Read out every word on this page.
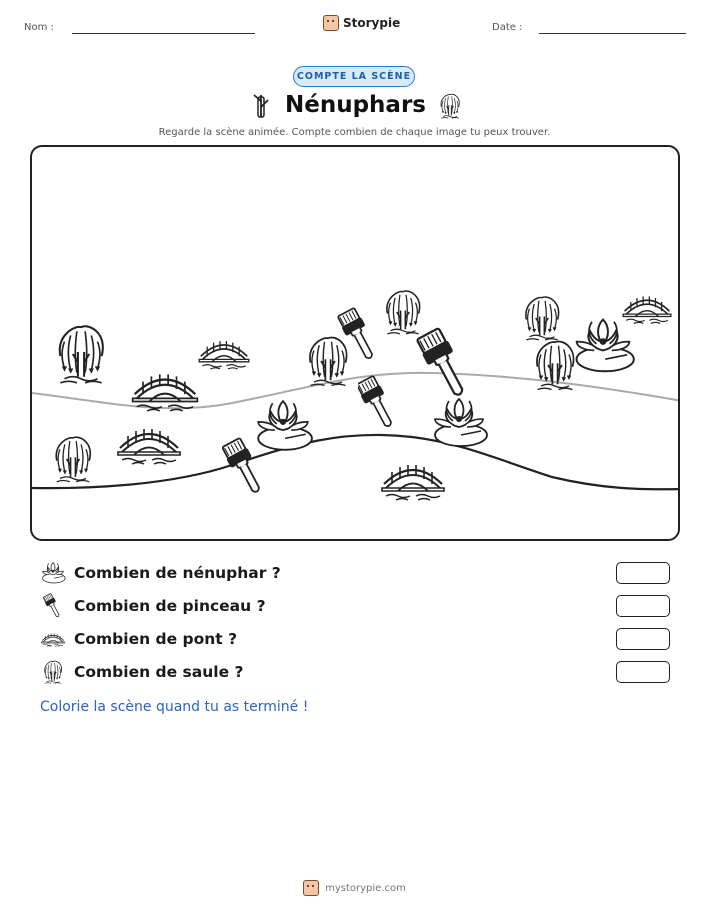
Nom :	Storypie	Date :
COMPTE LA SCÈNE
Nénuphars
Regarde la scène animée. Compte combien de chaque image tu peux trouver.
Combien de nénuphar ?
Combien de pinceau ?
Combien de pont ?
Combien de saule ?
Colorie la scène quand tu as terminé !
mystorypie.com
